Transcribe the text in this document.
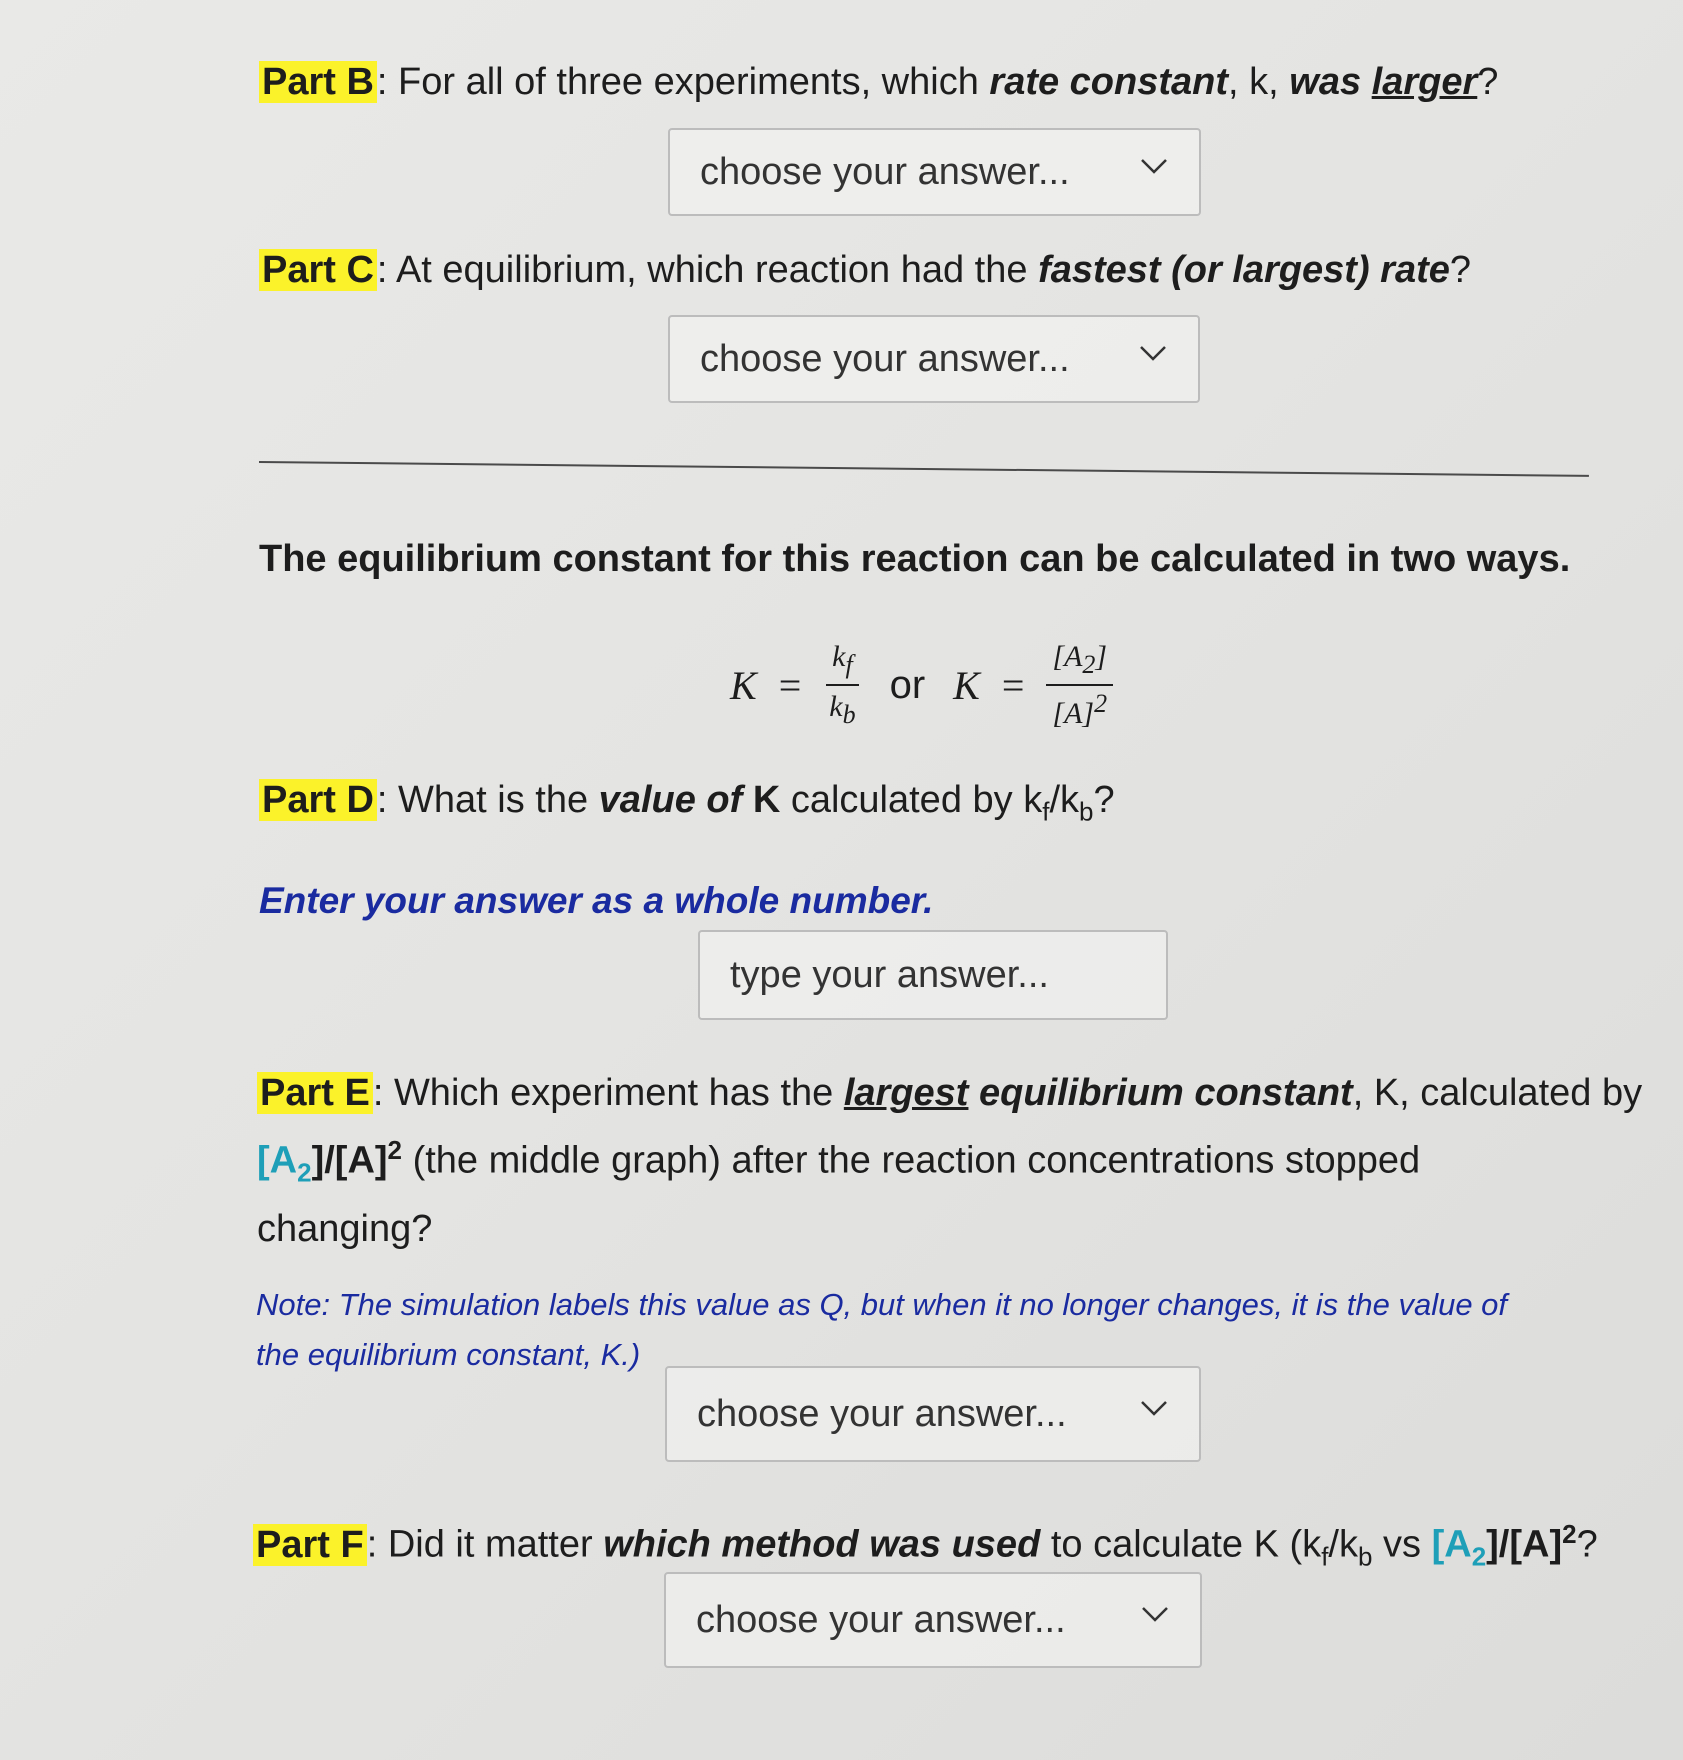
Part B: For all of three experiments, which rate constant, k, was larger?
choose your answer...
Part C: At equilibrium, which reaction had the fastest (or largest) rate?
choose your answer...
The equilibrium constant for this reaction can be calculated in two ways.
$K = \frac{k_f}{k_b}$ or $K = \frac{[A_2]}{[A]^2}$
Part D: What is the value of K calculated by $k_f/k_b$?
Enter your answer as a whole number.
type your answer...
Part E: Which experiment has the largest equilibrium constant, K, calculated by
$[A_2]/[A]^2$ (the middle graph) after the reaction concentrations stopped
changing?
Note: The simulation labels this value as Q, but when it no longer changes, it is the value of the equilibrium constant, K.)
choose your answer...
Part F: Did it matter which method was used to calculate K ($k_f/k_b$ vs $[A_2]/[A]^2$?
choose your answer...
